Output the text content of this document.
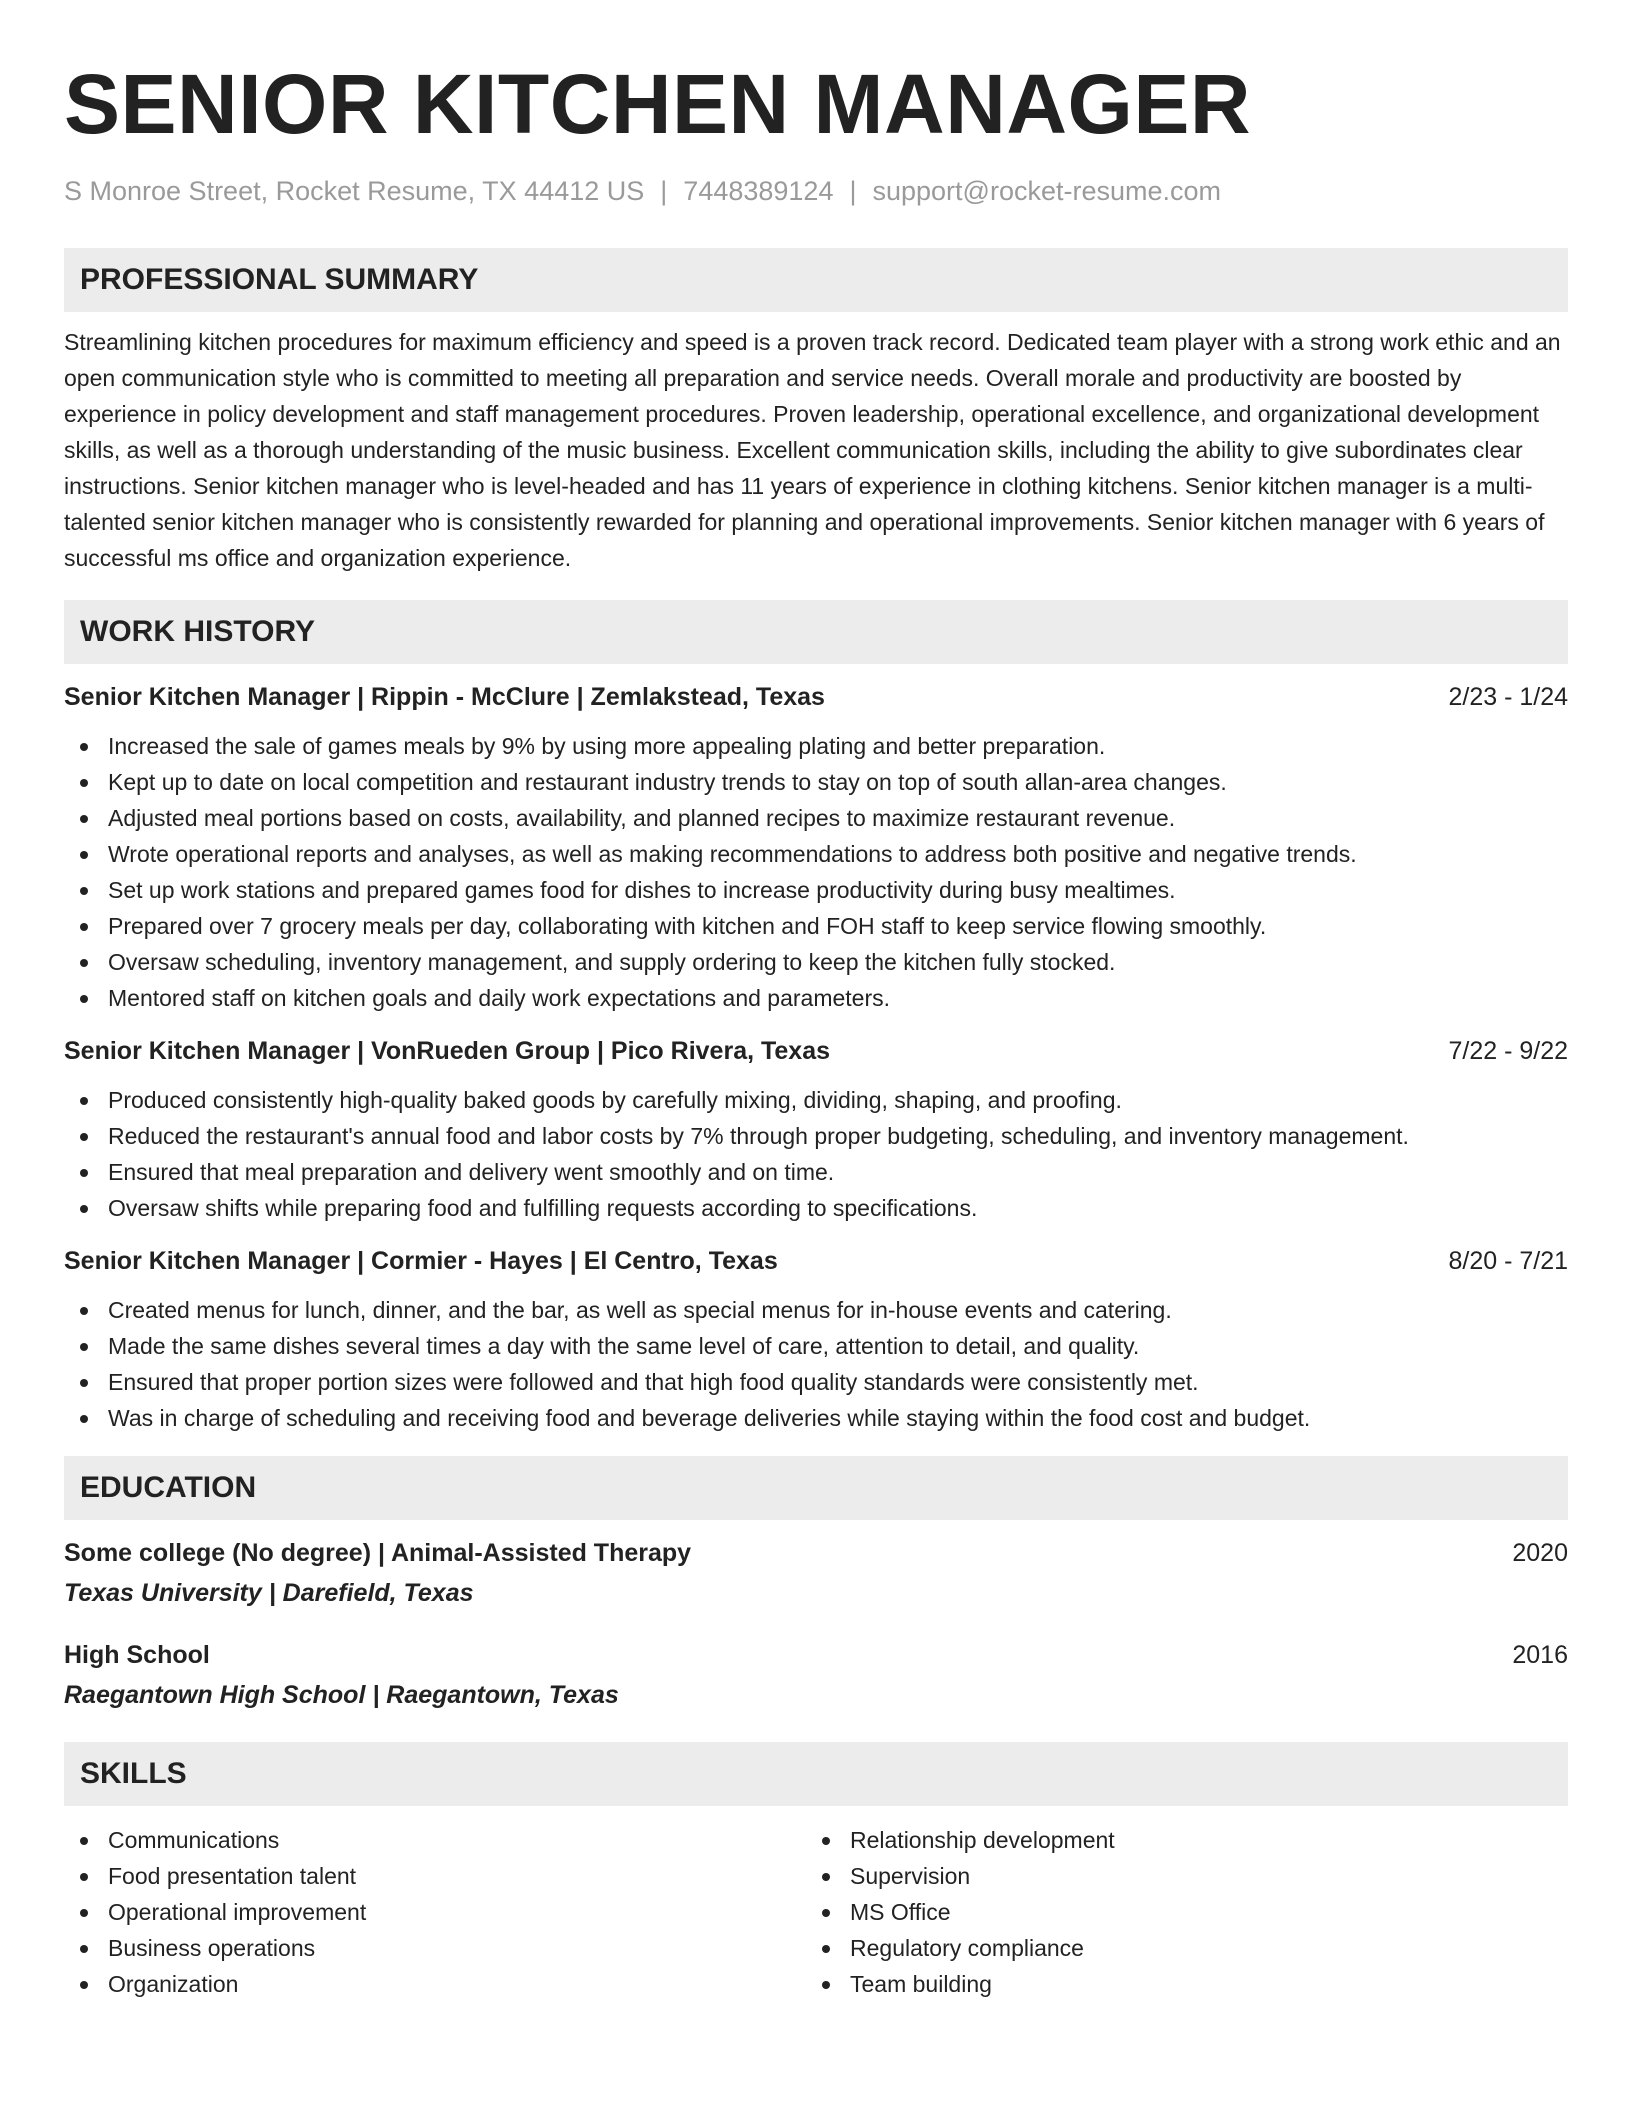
SENIOR KITCHEN MANAGER
S Monroe Street, Rocket Resume, TX 44412 US | 7448389124 | support@rocket-resume.com
PROFESSIONAL SUMMARY

Streamlining kitchen procedures for maximum efficiency and speed is a proven track record. Dedicated team player with a strong work ethic and an open communication style who is committed to meeting all preparation and service needs. Overall morale and productivity are boosted by experience in policy development and staff management procedures. Proven leadership, operational excellence, and organizational development skills, as well as a thorough understanding of the music business. Excellent communication skills, including the ability to give subordinates clear instructions. Senior kitchen manager who is level-headed and has 11 years of experience in clothing kitchens. Senior kitchen manager is a multi-talented senior kitchen manager who is consistently rewarded for planning and operational improvements. Senior kitchen manager with 6 years of successful ms office and organization experience.

WORK HISTORY
Senior Kitchen Manager | Rippin - McClure | Zemlakstead, Texas	2/23 - 1/24
Increased the sale of games meals by 9% by using more appealing plating and better preparation.
Kept up to date on local competition and restaurant industry trends to stay on top of south allan-area changes.
Adjusted meal portions based on costs, availability, and planned recipes to maximize restaurant revenue.
Wrote operational reports and analyses, as well as making recommendations to address both positive and negative trends.
Set up work stations and prepared games food for dishes to increase productivity during busy mealtimes.
Prepared over 7 grocery meals per day, collaborating with kitchen and FOH staff to keep service flowing smoothly.
Oversaw scheduling, inventory management, and supply ordering to keep the kitchen fully stocked.
Mentored staff on kitchen goals and daily work expectations and parameters.
Senior Kitchen Manager | VonRueden Group | Pico Rivera, Texas	7/22 - 9/22
Produced consistently high-quality baked goods by carefully mixing, dividing, shaping, and proofing.
Reduced the restaurant's annual food and labor costs by 7% through proper budgeting, scheduling, and inventory management.
Ensured that meal preparation and delivery went smoothly and on time.
Oversaw shifts while preparing food and fulfilling requests according to specifications.
Senior Kitchen Manager | Cormier - Hayes | El Centro, Texas	8/20 - 7/21
Created menus for lunch, dinner, and the bar, as well as special menus for in-house events and catering.
Made the same dishes several times a day with the same level of care, attention to detail, and quality.
Ensured that proper portion sizes were followed and that high food quality standards were consistently met.
Was in charge of scheduling and receiving food and beverage deliveries while staying within the food cost and budget.
EDUCATION
Some college (No degree) | Animal-Assisted Therapy	2020
Texas University | Darefield, Texas
High School	2016
Raegantown High School | Raegantown, Texas
SKILLS
Communications
Food presentation talent
Operational improvement
Business operations
Organization
Relationship development
Supervision
MS Office
Regulatory compliance
Team building
